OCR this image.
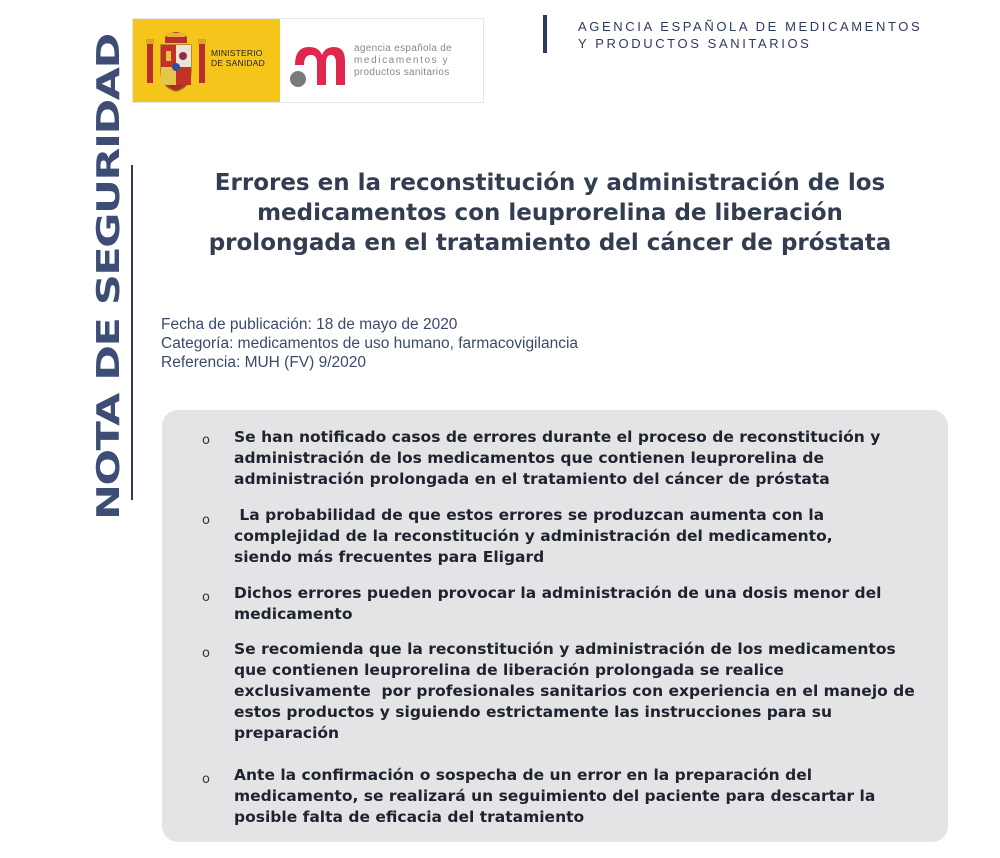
MINISTERIO
DE SANIDAD
agencia española de
medicamentos y
productos sanitarios
AGENCIA ESPAÑOLA DE MEDICAMENTOS
Y PRODUCTOS SANITARIOS
NOTA DE SEGURIDAD	Errores en la reconstitución y administración de los
medicamentos con leuprorelina de liberación
prolongada en el tratamiento del cáncer de próstata
Fecha de publicación: 18 de mayo de 2020
Categoría: medicamentos de uso humano, farmacovigilancia
Referencia: MUH (FV) 9/2020
o Se han notificado casos de errores durante el proceso de reconstitución y
administración de los medicamentos que contienen leuprorelina de
administración prolongada en el tratamiento del cáncer de próstata
o La probabilidad de que estos errores se produzcan aumenta con la
complejidad de la reconstitución y administración del medicamento,
siendo más frecuentes para Eligard
o Dichos errores pueden provocar la administración de una dosis menor del
medicamento
o Se recomienda que la reconstitución y administración de los medicamentos
que contienen leuprorelina de liberación prolongada se realice
exclusivamente  por profesionales sanitarios con experiencia en el manejo de
estos productos y siguiendo estrictamente las instrucciones para su
preparación
o Ante la confirmación o sospecha de un error en la preparación del
medicamento, se realizará un seguimiento del paciente para descartar la
posible falta de eficacia del tratamiento
